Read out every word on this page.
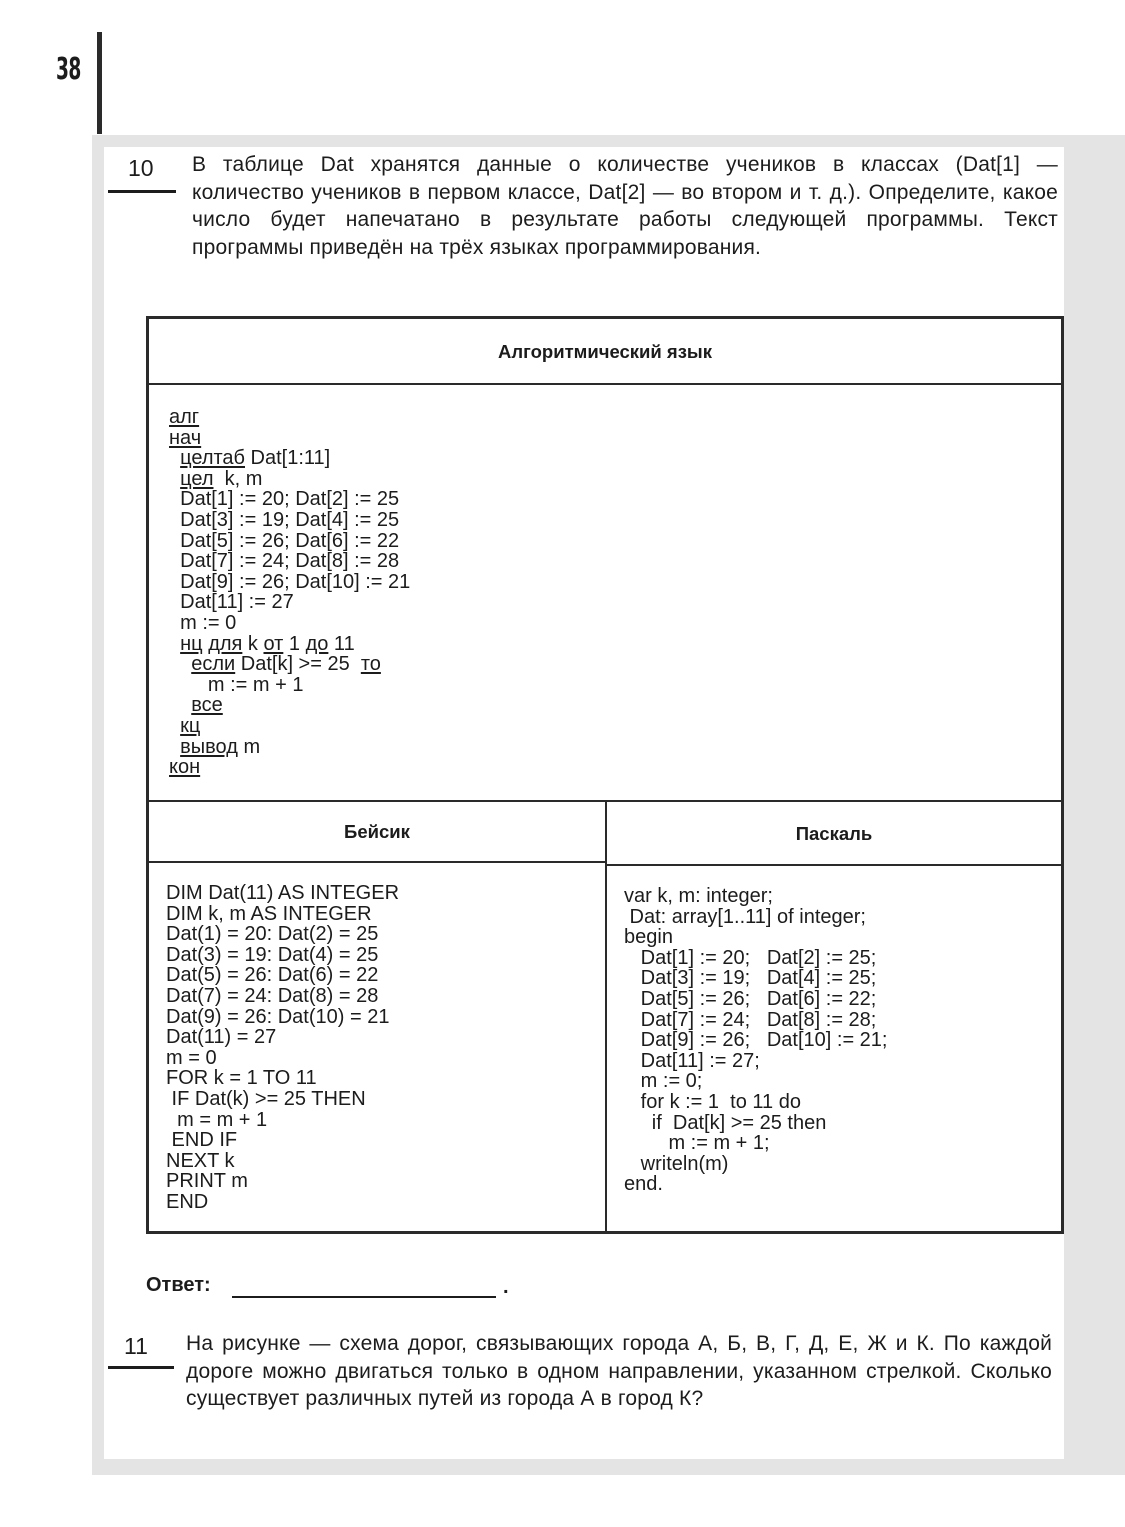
38
10 В таблице Dat хранятся данные о количестве учеников в классах (Dat[1] — количество учеников в первом классе, Dat[2] — во втором и т. д.). Определите, какое число будет напечатано в результате работы следующей программы. Текст программы приведён на трёх языках программирования.
Алгоритмический язык
алг
нач
целтаб Dat[1:11]
цел  k, m
Dat[1] := 20; Dat[2] := 25
Dat[3] := 19; Dat[4] := 25
Dat[5] := 26; Dat[6] := 22
Dat[7] := 24; Dat[8] := 28
Dat[9] := 26; Dat[10] := 21
Dat[11] := 27
m := 0
нц для k от 1 до 11
если Dat[k] >= 25  то
m := m + 1
все
кц
вывод m
кон
Бейсик	Паскаль
DIM Dat(11) AS INTEGER
DIM k, m AS INTEGER
Dat(1) = 20: Dat(2) = 25
Dat(3) = 19: Dat(4) = 25
Dat(5) = 26: Dat(6) = 22
Dat(7) = 24: Dat(8) = 28
Dat(9) = 26: Dat(10) = 21
Dat(11) = 27
m = 0
FOR k = 1 TO 11
IF Dat(k) >= 25 THEN
m = m + 1
END IF
NEXT k
PRINT m
END
var k, m: integer;
Dat: array[1..11] of integer;
begin
Dat[1] := 20;   Dat[2] := 25;
Dat[3] := 19;   Dat[4] := 25;
Dat[5] := 26;   Dat[6] := 22;
Dat[7] := 24;   Dat[8] := 28;
Dat[9] := 26;   Dat[10] := 21;
Dat[11] := 27;
m := 0;
for k := 1  to 11 do
if  Dat[k] >= 25 then
m := m + 1;
writeln(m)
end.
Ответ:	.
11 На рисунке — схема дорог, связывающих города А, Б, В, Г, Д, Е, Ж и К. По каждой дороге можно двигаться только в одном направлении, указанном стрелкой. Сколько существует различных путей из города А в город К?
